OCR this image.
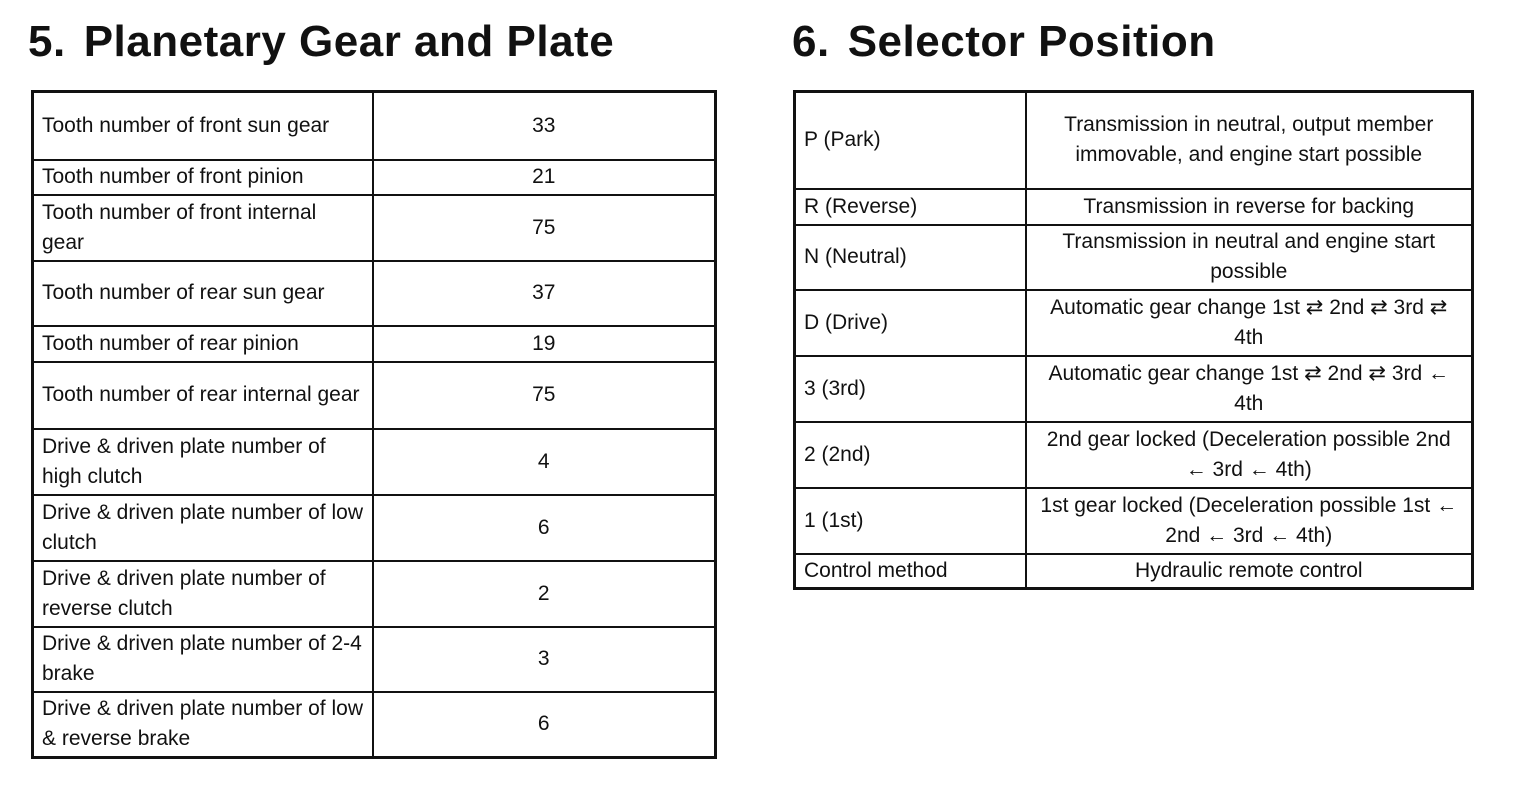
5. Planetary Gear and Plate	6. Selector Position
Tooth number of front sun gear	33
Tooth number of front pinion	21
Tooth number of front internal gear	75
Tooth number of rear sun gear	37
Tooth number of rear pinion	19
Tooth number of rear internal gear	75
Drive & driven plate number of high clutch	4
Drive & driven plate number of low clutch	6
Drive & driven plate number of reverse clutch	2
Drive & driven plate number of 2-4 brake	3
Drive & driven plate number of low & reverse brake	6
P (Park)	Transmission in neutral, output member immovable, and engine start possible
R (Reverse)	Transmission in reverse for backing
N (Neutral)	Transmission in neutral and engine start possible
D (Drive)	Automatic gear change 1st ⇄ 2nd ⇄ 3rd ⇄ 4th
3 (3rd)	Automatic gear change 1st ⇄ 2nd ⇄ 3rd ← 4th
2 (2nd)	2nd gear locked (Deceleration possible 2nd ← 3rd ← 4th)
1 (1st)	1st gear locked (Deceleration possible 1st ← 2nd ← 3rd ← 4th)
Control method	Hydraulic remote control
